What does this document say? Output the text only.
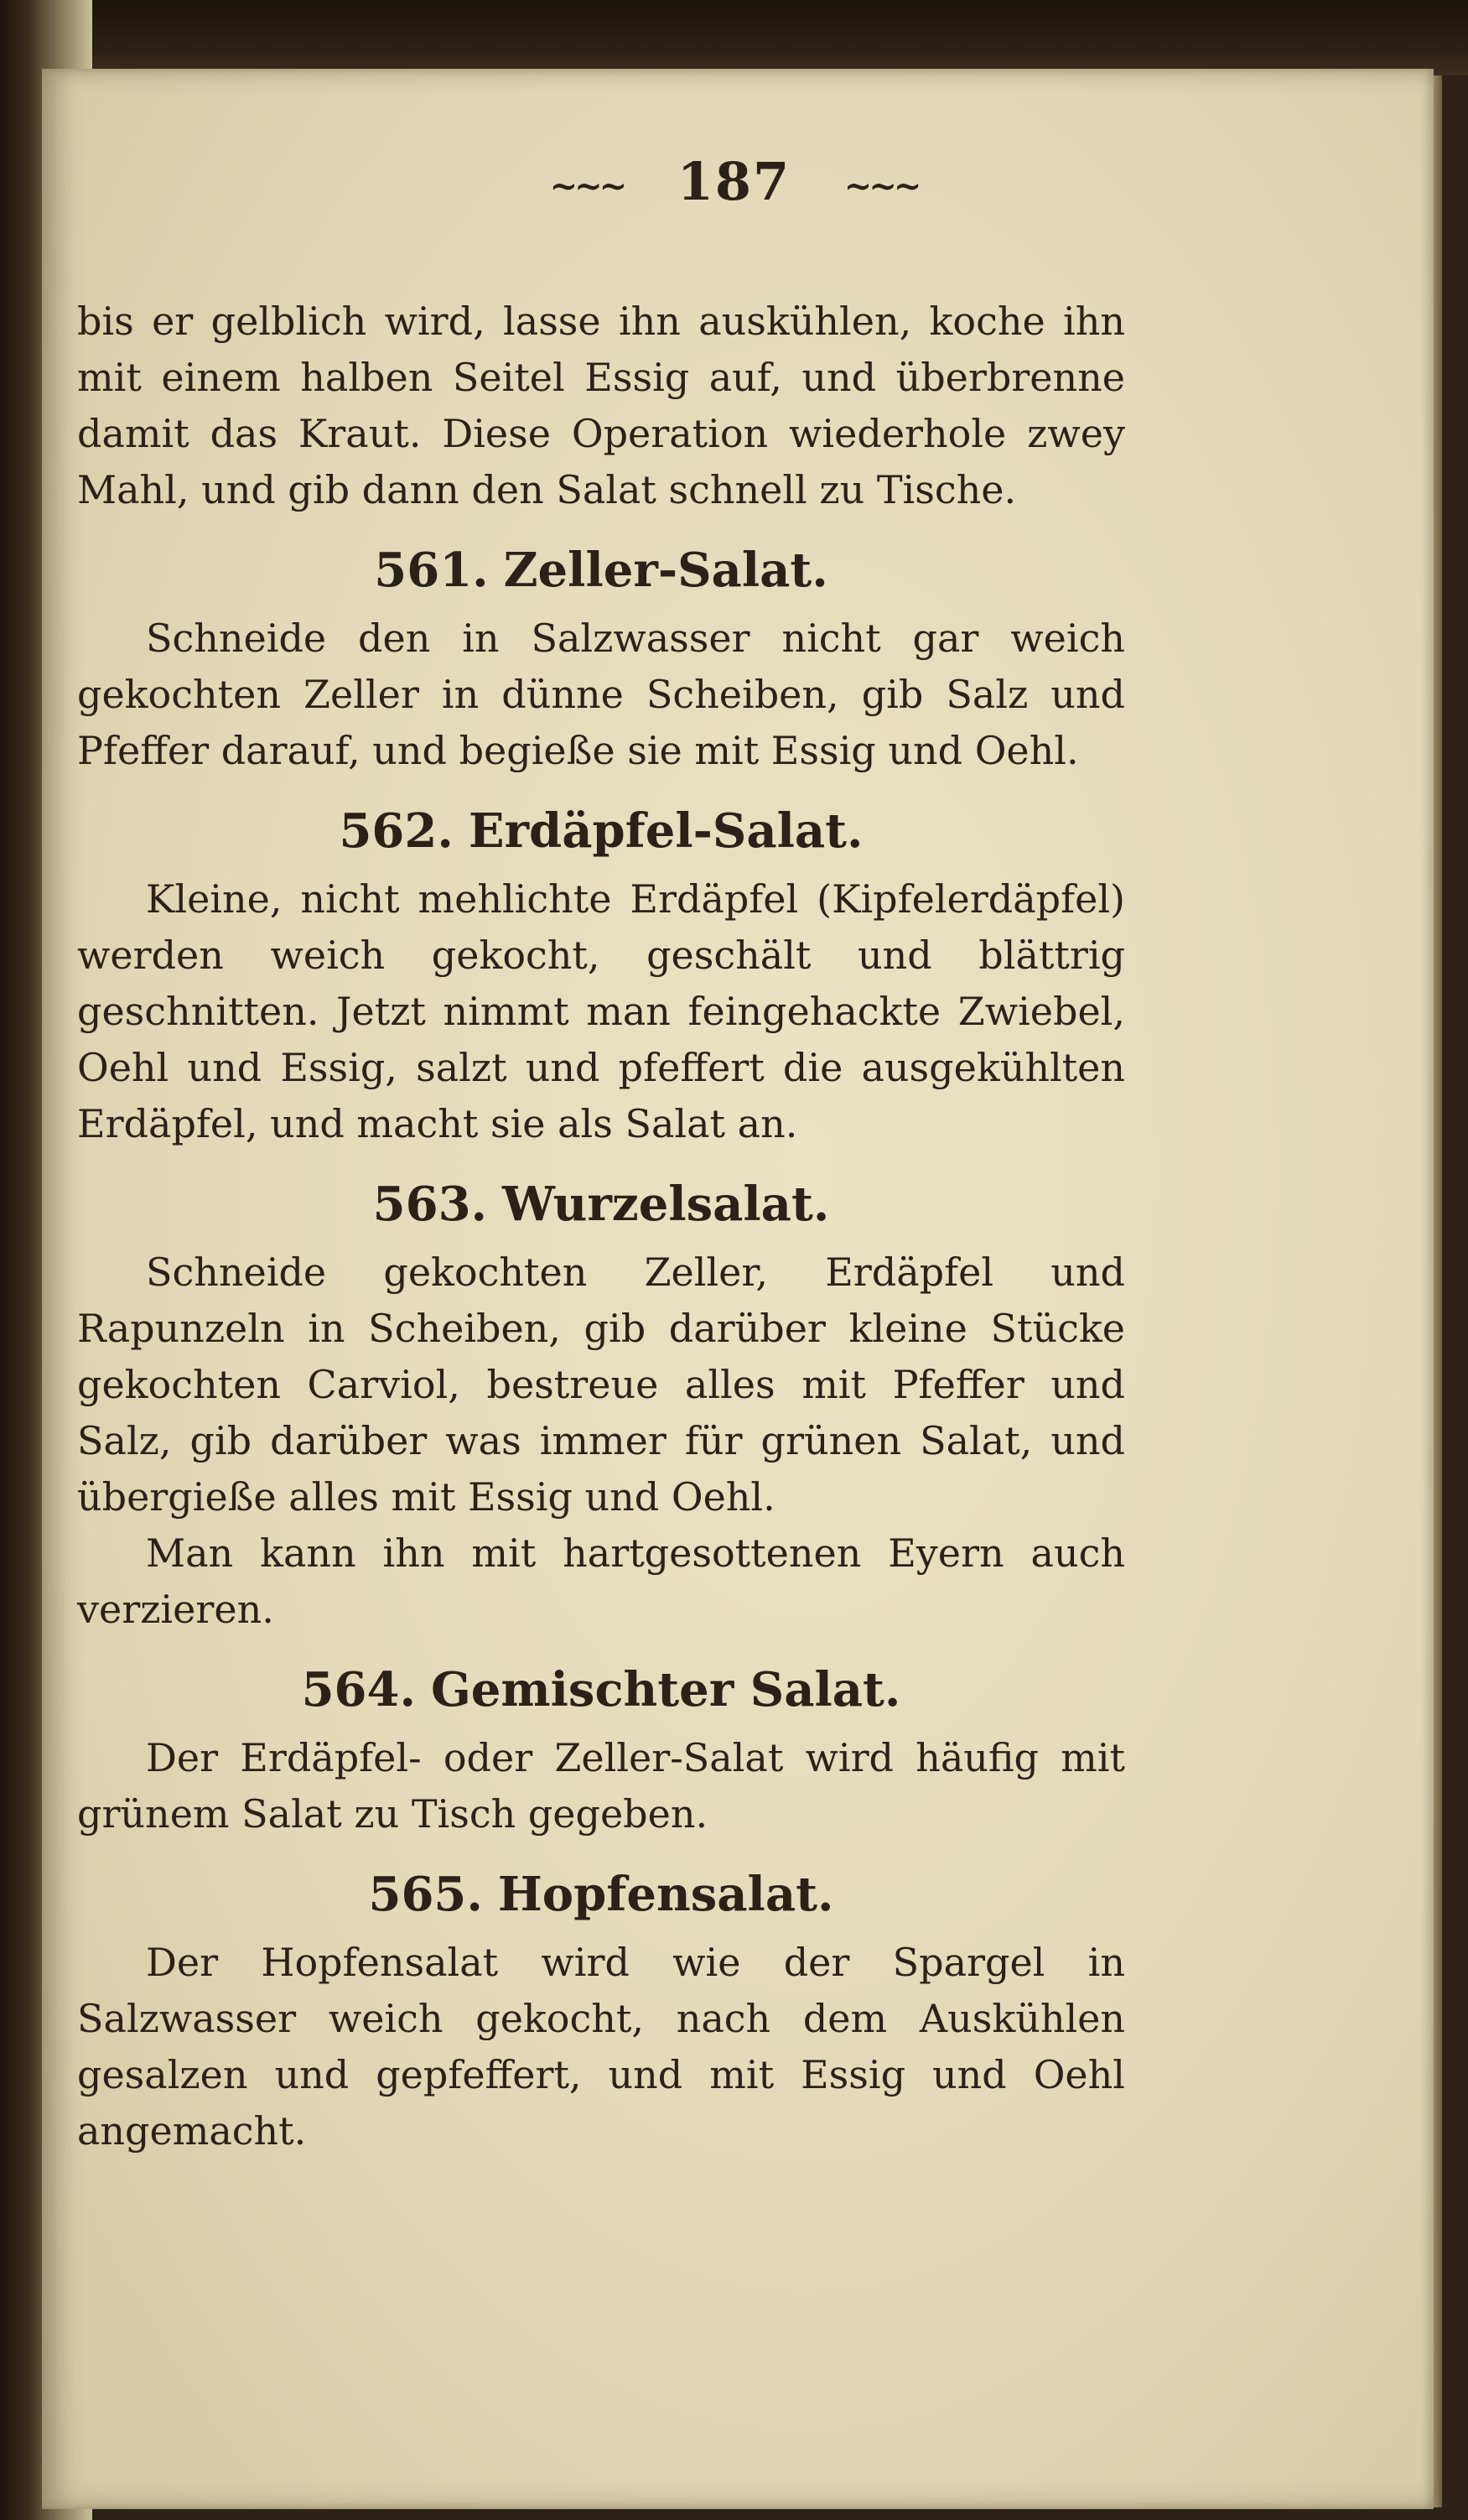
~~~ 187 ~~~

bis er gelblich wird, lasse ihn auskühlen, koche ihn mit einem halben Seitel Essig auf, und überbrenne damit das Kraut. Diese Operation wiederhole zwey Mahl, und gib dann den Salat schnell zu Tische.

561. Zeller-Salat.

Schneide den in Salzwasser nicht gar weich gekochten Zeller in dünne Scheiben, gib Salz und Pfeffer darauf, und begieße sie mit Essig und Oehl.

562. Erdäpfel-Salat.

Kleine, nicht mehlichte Erdäpfel (Kipfelerdäpfel) werden weich gekocht, geschält und blättrig geschnitten. Jetzt nimmt man feingehackte Zwiebel, Oehl und Essig, salzt und pfeffert die ausgekühlten Erdäpfel, und macht sie als Salat an.

563. Wurzelsalat.

Schneide gekochten Zeller, Erdäpfel und Rapunzeln in Scheiben, gib darüber kleine Stücke gekochten Carviol, bestreue alles mit Pfeffer und Salz, gib darüber was immer für grünen Salat, und übergieße alles mit Essig und Oehl.

Man kann ihn mit hartgesottenen Eyern auch verzieren.

564. Gemischter Salat.

Der Erdäpfel- oder Zeller-Salat wird häufig mit grünem Salat zu Tisch gegeben.

565. Hopfensalat.

Der Hopfensalat wird wie der Spargel in Salzwasser weich gekocht, nach dem Auskühlen gesalzen und gepfeffert, und mit Essig und Oehl angemacht.
